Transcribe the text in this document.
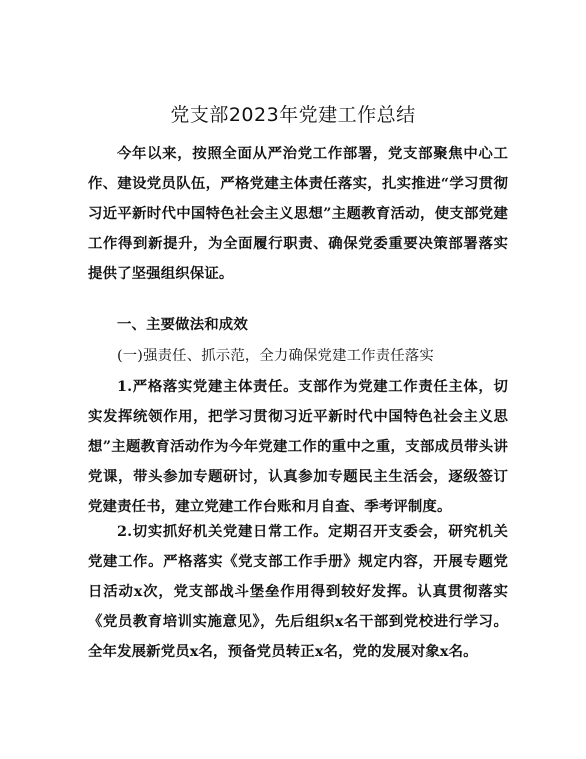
党支部2023年党建工作总结

今年以来，按照全面从严治党工作部署，党支部聚焦中心工作、建设党员队伍，严格党建主体责任落实，扎实推进“学习贯彻习近平新时代中国特色社会主义思想”主题教育活动，使支部党建工作得到新提升，为全面履行职责、确保党委重要决策部署落实提供了坚强组织保证。

一、主要做法和成效

(一)强责任、抓示范，全力确保党建工作责任落实

1.严格落实党建主体责任。支部作为党建工作责任主体，切实发挥统领作用，把学习贯彻习近平新时代中国特色社会主义思想”主题教育活动作为今年党建工作的重中之重，支部成员带头讲党课，带头参加专题研讨，认真参加专题民主生活会，逐级签订党建责任书，建立党建工作台账和月自查、季考评制度。

2.切实抓好机关党建日常工作。定期召开支委会，研究机关党建工作。严格落实《党支部工作手册》规定内容，开展专题党日活动x次，党支部战斗堡垒作用得到较好发挥。认真贯彻落实《党员教育培训实施意见》，先后组织x名干部到党校进行学习。全年发展新党员x名，预备党员转正x名，党的发展对象x名。
